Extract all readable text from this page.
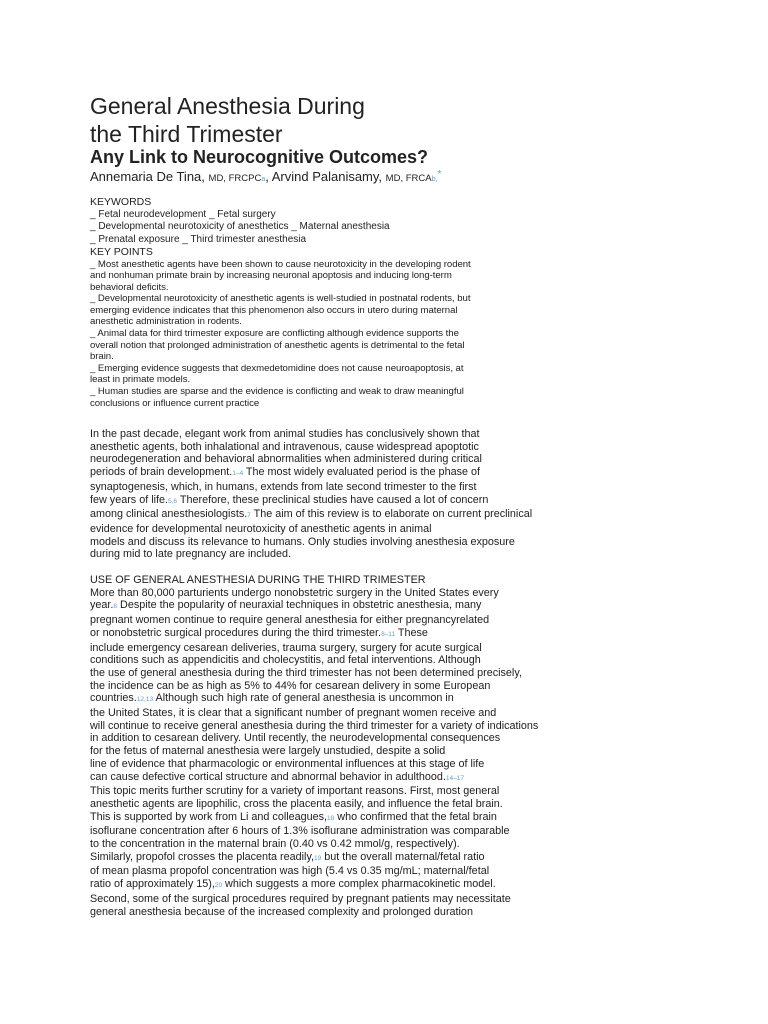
General Anesthesia During
the Third Trimester
Any Link to Neurocognitive Outcomes?
Annemaria De Tina, MD, FRCPCa, Arvind Palanisamy, MD, FRCAb,*
KEYWORDS
_ Fetal neurodevelopment _ Fetal surgery
_ Developmental neurotoxicity of anesthetics _ Maternal anesthesia
_ Prenatal exposure _ Third trimester anesthesia
KEY POINTS
_ Most anesthetic agents have been shown to cause neurotoxicity in the developing rodent
and nonhuman primate brain by increasing neuronal apoptosis and inducing long-term
behavioral deficits.
_ Developmental neurotoxicity of anesthetic agents is well-studied in postnatal rodents, but
emerging evidence indicates that this phenomenon also occurs in utero during maternal
anesthetic administration in rodents.
_ Animal data for third trimester exposure are conflicting although evidence supports the
overall notion that prolonged administration of anesthetic agents is detrimental to the fetal
brain.
_ Emerging evidence suggests that dexmedetomidine does not cause neuroapoptosis, at
least in primate models.
_ Human studies are sparse and the evidence is conflicting and weak to draw meaningful
conclusions or influence current practice
In the past decade, elegant work from animal studies has conclusively shown that
anesthetic agents, both inhalational and intravenous, cause widespread apoptotic
neurodegeneration and behavioral abnormalities when administered during critical
periods of brain development.1–4 The most widely evaluated period is the phase of
synaptogenesis, which, in humans, extends from late second trimester to the first
few years of life.5,6 Therefore, these preclinical studies have caused a lot of concern
among clinical anesthesiologists.7 The aim of this review is to elaborate on current preclinical
evidence for developmental neurotoxicity of anesthetic agents in animal
models and discuss its relevance to humans. Only studies involving anesthesia exposure
during mid to late pregnancy are included.
USE OF GENERAL ANESTHESIA DURING THE THIRD TRIMESTER
More than 80,000 parturients undergo nonobstetric surgery in the United States every
year.8 Despite the popularity of neuraxial techniques in obstetric anesthesia, many
pregnant women continue to require general anesthesia for either pregnancyrelated
or nonobstetric surgical procedures during the third trimester.8–11 These
include emergency cesarean deliveries, trauma surgery, surgery for acute surgical
conditions such as appendicitis and cholecystitis, and fetal interventions. Although
the use of general anesthesia during the third trimester has not been determined precisely,
the incidence can be as high as 5% to 44% for cesarean delivery in some European
countries.12,13 Although such high rate of general anesthesia is uncommon in
the United States, it is clear that a significant number of pregnant women receive and
will continue to receive general anesthesia during the third trimester for a variety of indications
in addition to cesarean delivery. Until recently, the neurodevelopmental consequences
for the fetus of maternal anesthesia were largely unstudied, despite a solid
line of evidence that pharmacologic or environmental influences at this stage of life
can cause defective cortical structure and abnormal behavior in adulthood.14–17
This topic merits further scrutiny for a variety of important reasons. First, most general
anesthetic agents are lipophilic, cross the placenta easily, and influence the fetal brain.
This is supported by work from Li and colleagues,18 who confirmed that the fetal brain
isoflurane concentration after 6 hours of 1.3% isoflurane administration was comparable
to the concentration in the maternal brain (0.40 vs 0.42 mmol/g, respectively).
Similarly, propofol crosses the placenta readily,19 but the overall maternal/fetal ratio
of mean plasma propofol concentration was high (5.4 vs 0.35 mg/mL; maternal/fetal
ratio of approximately 15),20 which suggests a more complex pharmacokinetic model.
Second, some of the surgical procedures required by pregnant patients may necessitate
general anesthesia because of the increased complexity and prolonged duration
